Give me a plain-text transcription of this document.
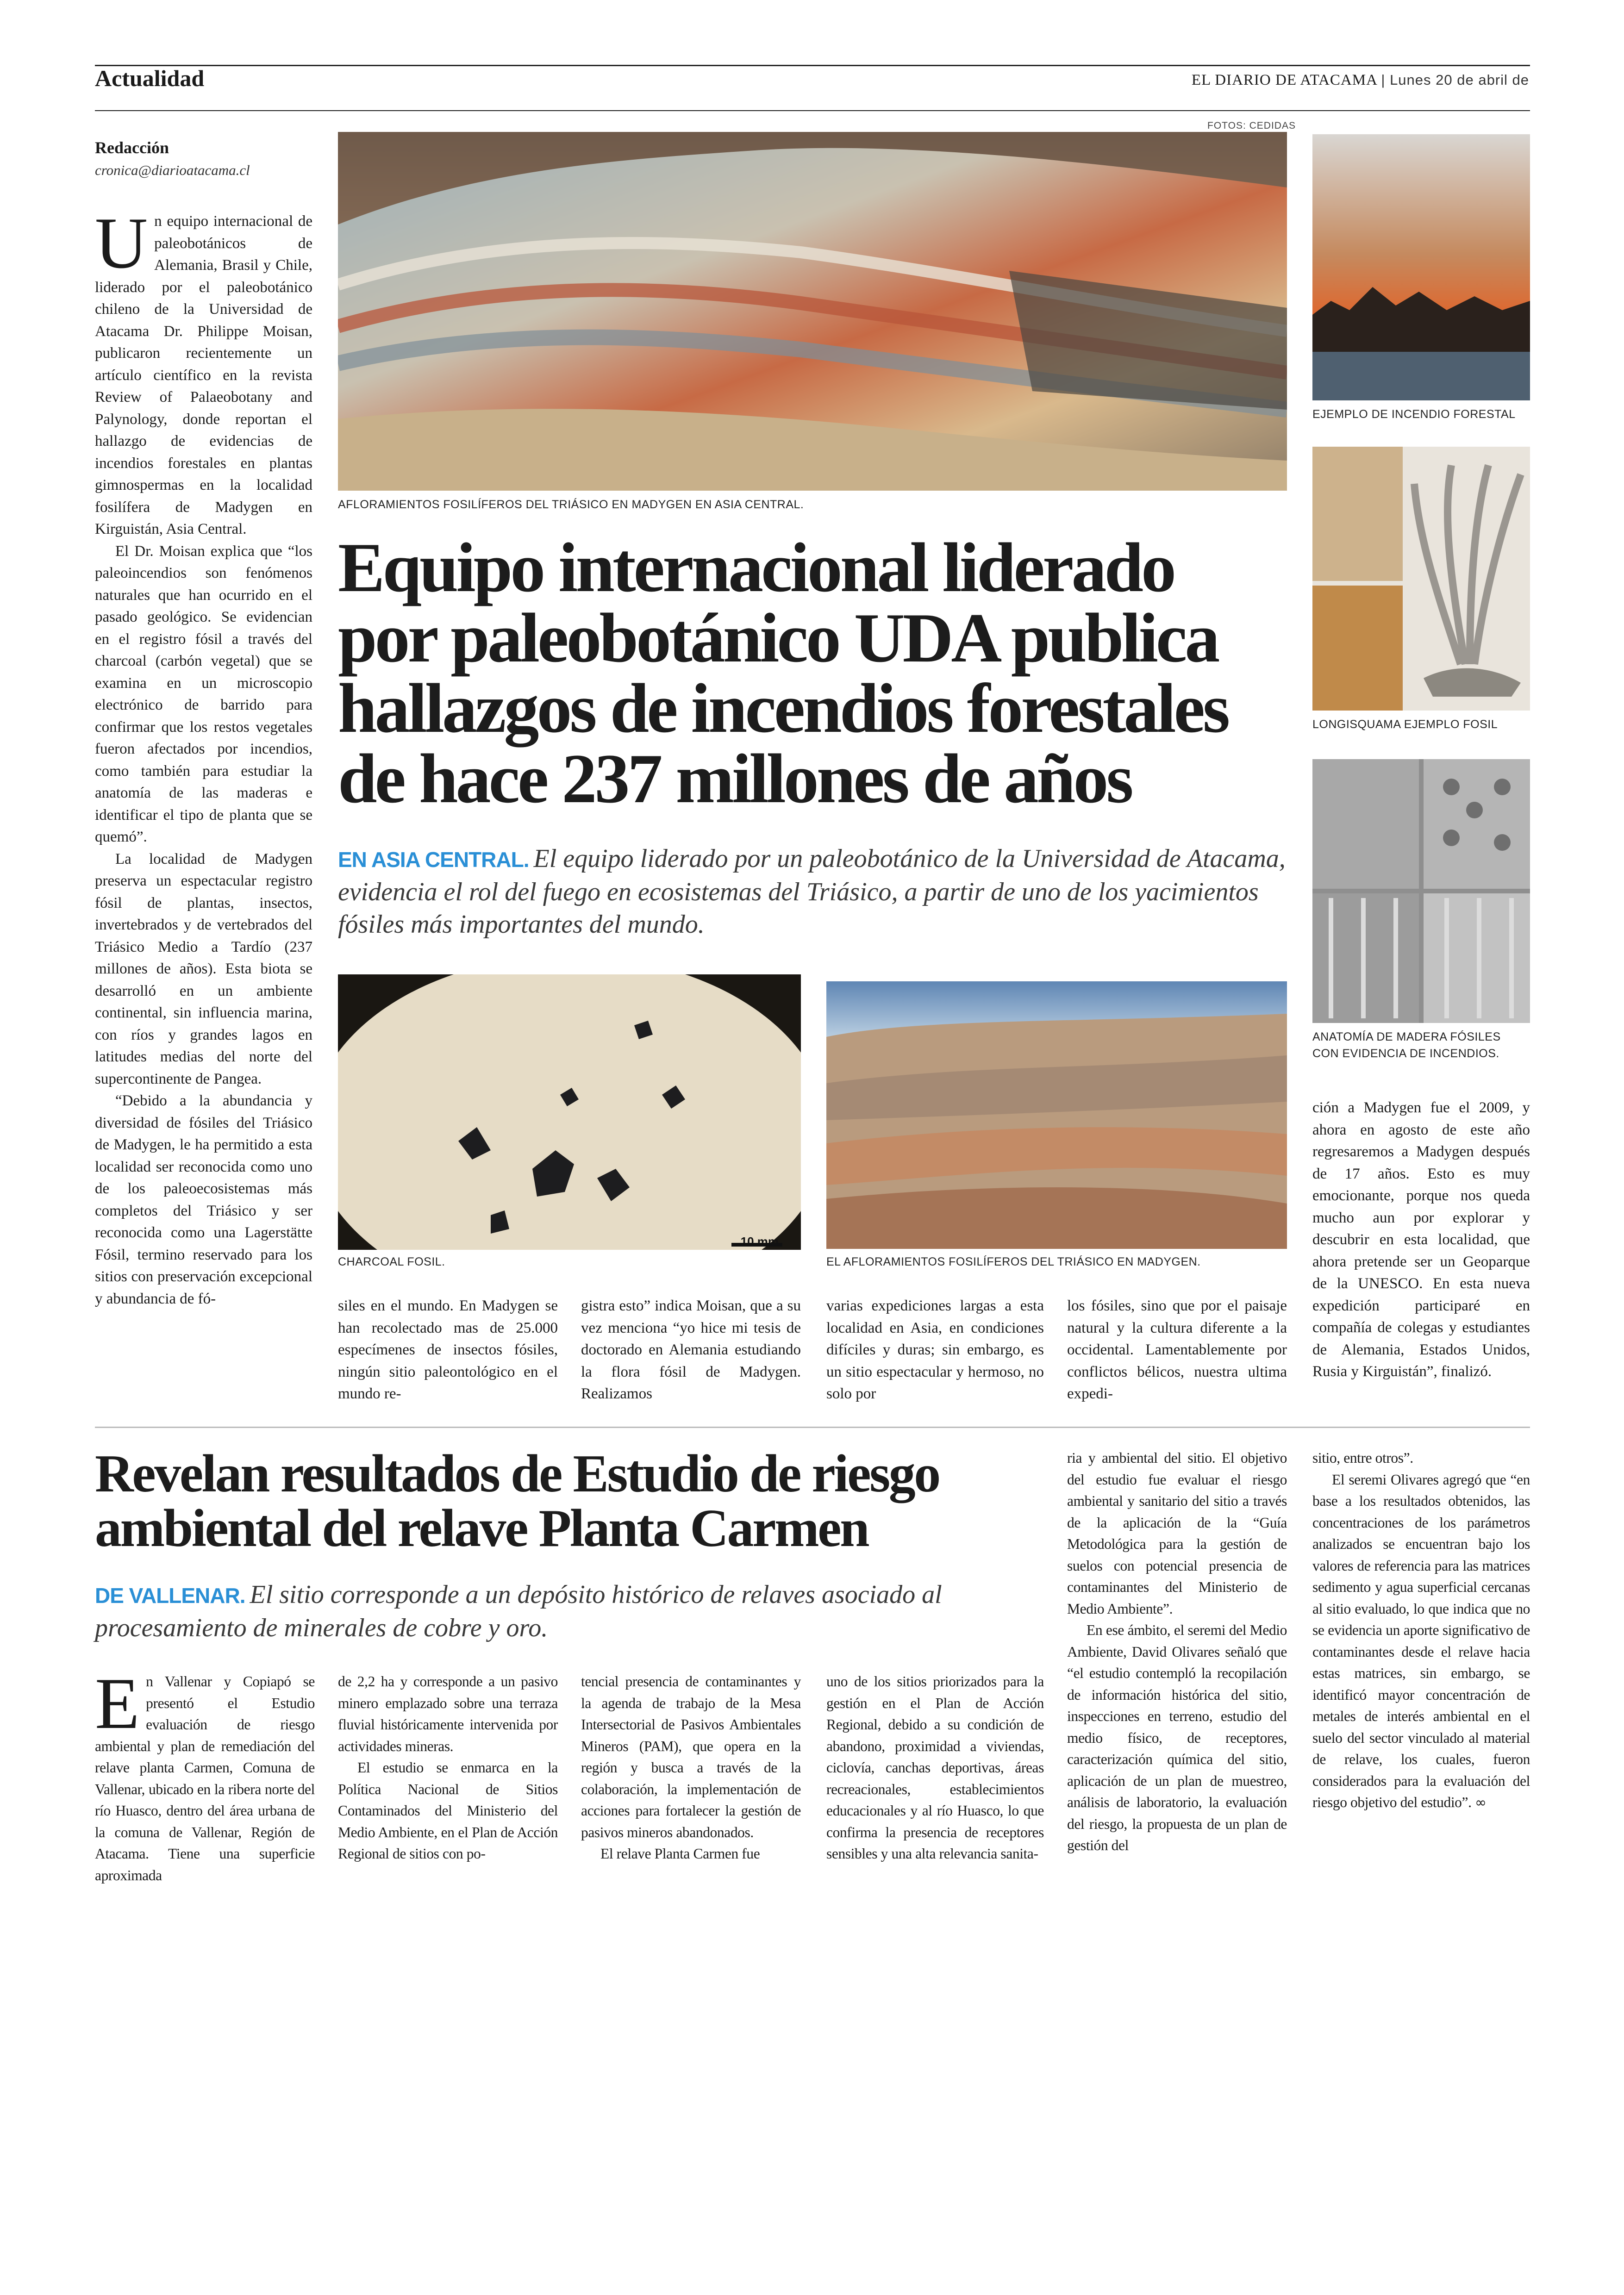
Actualidad	EL DIARIO DE ATACAMA | Lunes 20 de abril de
Redacción
cronica@diarioatacama.cl

Un equipo internacional de paleobotánicos de Alemania, Brasil y Chile, liderado por el paleobotánico chileno de la Universidad de Atacama Dr. Philippe Moisan, publicaron recientemente un artículo científico en la revista Review of Palaeobotany and Palynology, donde reportan el hallazgo de evidencias de incendios forestales en plantas gimnospermas en la localidad fosilífera de Madygen en Kirguistán, Asia Central.

El Dr. Moisan explica que “los paleoincendios son fenómenos naturales que han ocurrido en el pasado geológico. Se evidencian en el registro fósil a través del charcoal (carbón vegetal) que se examina en un microscopio electrónico de barrido para confirmar que los restos vegetales fueron afectados por incendios, como también para estudiar la anatomía de las maderas e identificar el tipo de planta que se quemó”.

La localidad de Madygen preserva un espectacular registro fósil de plantas, insectos, invertebrados y de vertebrados del Triásico Medio a Tardío (237 millones de años). Esta biota se desarrolló en un ambiente continental, sin influencia marina, con ríos y grandes lagos en latitudes medias del norte del supercontinente de Pangea.

“Debido a la abundancia y diversidad de fósiles del Triásico de Madygen, le ha permitido a esta localidad ser reconocida como uno de los paleoecosistemas más completos del Triásico y ser reconocida como una Lagerstätte Fósil, termino reservado para los sitios con preservación excepcional y abundancia de fó-

FOTOS: CEDIDAS
AFLORAMIENTOS FOSILÍFEROS DEL TRIÁSICO EN MADYGEN EN ASIA CENTRAL.
EJEMPLO DE INCENDIO FORESTAL
LONGISQUAMA EJEMPLO FOSIL
ANATOMÍA DE MADERA FÓSILES CON EVIDENCIA DE INCENDIOS.
Equipo internacional liderado
por paleobotánico UDA publica
hallazgos de incendios forestales
de hace 237 millones de años
EN ASIA CENTRAL. El equipo liderado por un paleobotánico de la Universidad de Atacama, evidencia el rol del fuego en ecosistemas del Triásico, a partir de uno de los yacimientos fósiles más importantes del mundo.
10 mm
CHARCOAL FOSIL.	EL AFLORAMIENTOS FOSILÍFEROS DEL TRIÁSICO EN MADYGEN.

siles en el mundo. En Madygen se han recolectado mas de 25.000 especímenes de insectos fósiles, ningún sitio paleontológico en el mundo re-

gistra esto” indica Moisan, que a su vez menciona “yo hice mi tesis de doctorado en Alemania estudiando la flora fósil de Madygen. Realizamos

varias expediciones largas a esta localidad en Asia, en condiciones difíciles y duras; sin embargo, es un sitio espectacular y hermoso, no solo por

los fósiles, sino que por el paisaje natural y la cultura diferente a la occidental. Lamentablemente por conflictos bélicos, nuestra ultima expedi-

ción a Madygen fue el 2009, y ahora en agosto de este año regresaremos a Madygen después de 17 años. Esto es muy emocionante, porque nos queda mucho aun por explorar y descubrir en esta localidad, que ahora pretende ser un Geoparque de la UNESCO. En esta nueva expedición participaré en compañía de colegas y estudiantes de Alemania, Estados Unidos, Rusia y Kirguistán”, finalizó.

Revelan resultados de Estudio de riesgo
ambiental del relave Planta Carmen
DE VALLENAR. El sitio corresponde a un depósito histórico de relaves asociado al procesamiento de minerales de cobre y oro.

En Vallenar y Copiapó se presentó el Estudio evaluación de riesgo ambiental y plan de remediación del relave planta Carmen, Comuna de Vallenar, ubicado en la ribera norte del río Huasco, dentro del área urbana de la comuna de Vallenar, Región de Atacama. Tiene una superficie aproximada

de 2,2 ha y corresponde a un pasivo minero emplazado sobre una terraza fluvial históricamente intervenida por actividades mineras.

El estudio se enmarca en la Política Nacional de Sitios Contaminados del Ministerio del Medio Ambiente, en el Plan de Acción Regional de sitios con po-

tencial presencia de contaminantes y la agenda de trabajo de la Mesa Intersectorial de Pasivos Ambientales Mineros (PAM), que opera en la región y busca a través de la colaboración, la implementación de acciones para fortalecer la gestión de pasivos mineros abandonados.

El relave Planta Carmen fue

uno de los sitios priorizados para la gestión en el Plan de Acción Regional, debido a su condición de abandono, proximidad a viviendas, ciclovía, canchas deportivas, áreas recreacionales, establecimientos educacionales y al río Huasco, lo que confirma la presencia de receptores sensibles y una alta relevancia sanita-

ria y ambiental del sitio. El objetivo del estudio fue evaluar el riesgo ambiental y sanitario del sitio a través de la aplicación de la “Guía Metodológica para la gestión de suelos con potencial presencia de contaminantes del Ministerio de Medio Ambiente”.

En ese ámbito, el seremi del Medio Ambiente, David Olivares señaló que “el estudio contempló la recopilación de información histórica del sitio, inspecciones en terreno, estudio del medio físico, de receptores, caracterización química del sitio, aplicación de un plan de muestreo, análisis de laboratorio, la evaluación del riesgo, la propuesta de un plan de gestión del

sitio, entre otros”.

El seremi Olivares agregó que “en base a los resultados obtenidos, las concentraciones de los parámetros analizados se encuentran bajo los valores de referencia para las matrices sedimento y agua superficial cercanas al sitio evaluado, lo que indica que no se evidencia un aporte significativo de contaminantes desde el relave hacia estas matrices, sin embargo, se identificó mayor concentración de metales de interés ambiental en el suelo del sector vinculado al material de relave, los cuales, fueron considerados para la evaluación del riesgo objetivo del estudio”. ∞
